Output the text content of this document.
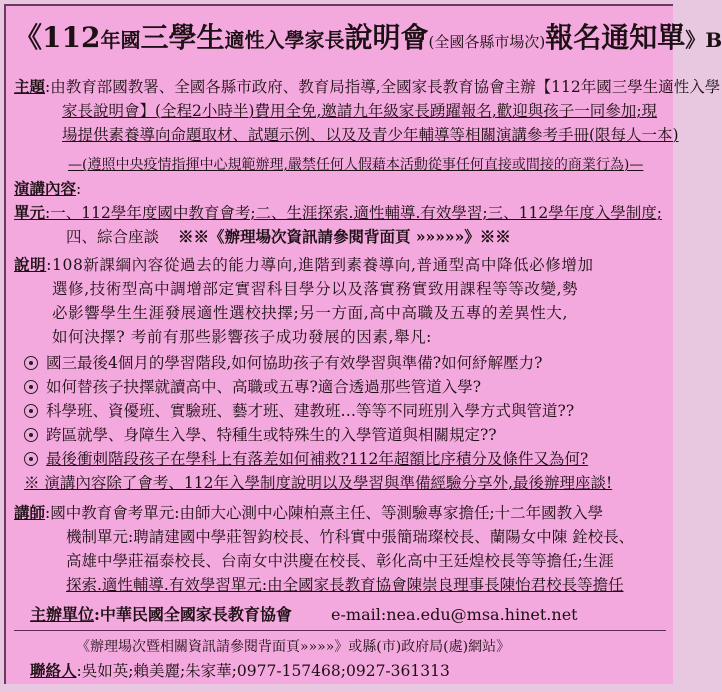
《112年國三學生適性入學家長說明會(全國各縣市場次)報名通知單》B
主題:由教育部國教署、全國各縣市政府、教育局指導,全國家長教育協會主辦【112年國三學生適性入學
家長說明會】(全程2小時半)費用全免,邀請九年級家長踴躍報名,歡迎與孩子一同參加;現
場提供素養導向命題取材、試題示例、以及及青少年輔導等相關演講參考手冊(限每人一本)
—(遵照中央疫情指揮中心規範辦理,嚴禁任何人假藉本活動從事任何直接或間接的商業行為)—
演講內容:
單元:一、112學年度國中教育會考;二、生涯探索.適性輔導.有效學習;三、112學年度入學制度;
四、綜合座談 ※※《辦理場次資訊請參閱背面頁 »»»»»》※※
說明:108新課綱內容從過去的能力導向,進階到素養導向,普通型高中降低必修增加
選修,技術型高中調增部定實習科目學分以及落實務實致用課程等等改變,勢
必影響學生生涯發展適性選校抉擇;另一方面,高中高職及五專的差異性大,
如何決擇? 考前有那些影響孩子成功發展的因素,舉凡:
國三最後4個月的學習階段,如何協助孩子有效學習與準備?如何紓解壓力?
如何替孩子抉擇就讀高中、高職或五專?適合透過那些管道入學?
科學班、資優班、實驗班、藝才班、建教班…等等不同班別入學方式與管道??
跨區就學、身障生入學、特種生或特殊生的入學管道與相關規定??
最後衝刺階段孩子在學科上有落差如何補救?112年超額比序積分及條件又為何?
※ 演講內容除了會考、112年入學制度說明以及學習與準備經驗分享外,最後辦理座談!
講師:國中教育會考單元:由師大心測中心陳柏熹主任、等測驗專家擔任;十二年國教入學
機制單元:聘請建國中學莊智鈞校長、竹科實中張簡瑞璨校長、蘭陽女中陳 銓校長、
高雄中學莊福泰校長、台南女中洪慶在校長、彰化高中王廷煌校長等等擔任;生涯
探索.適性輔導.有效學習單元:由全國家長教育協會陳崇良理事長陳怡君校長等擔任
主辦單位:中華民國全國家長教育協會 e-mail:nea.edu@msa.hinet.net
《辦理場次暨相關資訊請參閱背面頁»»»»》或縣(市)政府局(處)網站》
聯絡人:吳如英;賴美麗;朱家華;0977-157468;0927-361313
